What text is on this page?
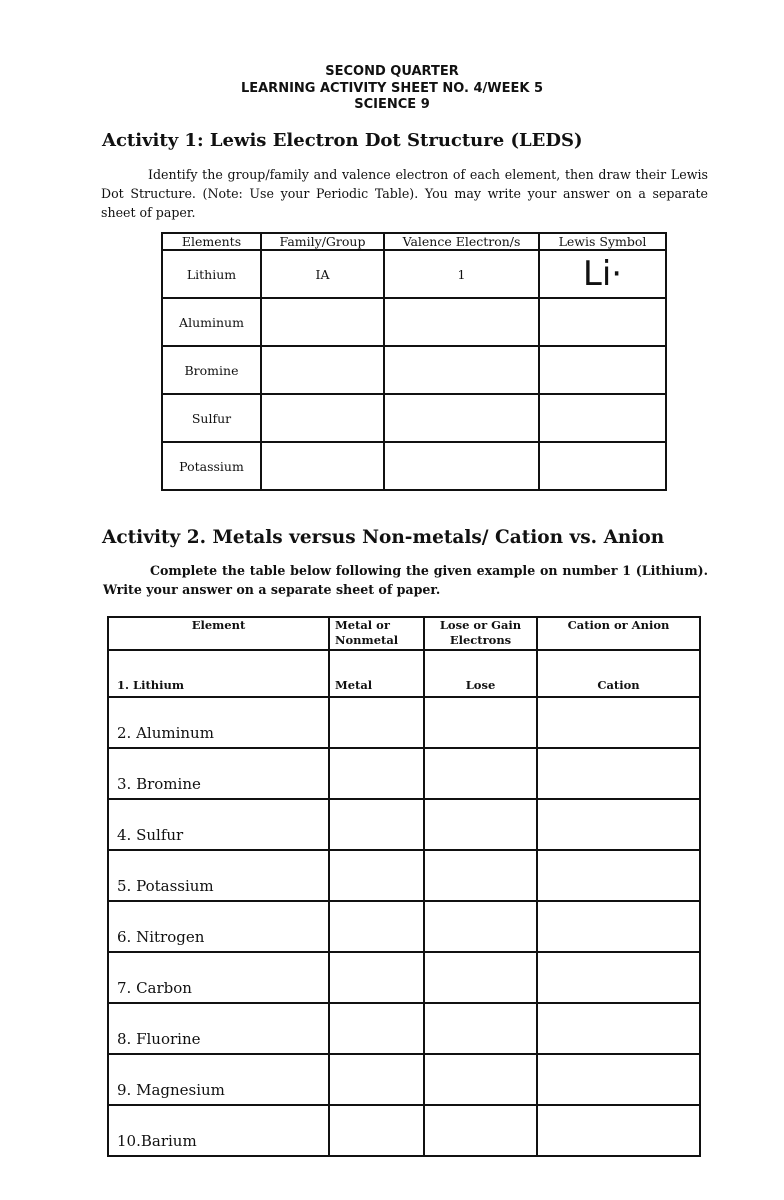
SECOND QUARTER
LEARNING ACTIVITY SHEET NO. 4/WEEK 5
SCIENCE 9
Activity 1: Lewis Electron Dot Structure (LEDS)
Identify the group/family and valence electron of each element, then draw their Lewis Dot Structure. (Note: Use your Periodic Table). You may write your answer on a separate sheet of paper.
Elements	Family/Group	Valence Electron/s	Lewis Symbol
Lithium	IA	1	Li·
Aluminum			
Bromine			
Sulfur			
Potassium			
Activity 2. Metals versus Non-metals/ Cation vs. Anion
Complete the table below following the given example on number 1 (Lithium). Write your answer on a separate sheet of paper.
Element	Metal or Nonmetal	Lose or Gain Electrons	Cation or Anion
1. Lithium	Metal	Lose	Cation
2. Aluminum			
3. Bromine			
4. Sulfur			
5. Potassium			
6. Nitrogen			
7. Carbon			
8. Fluorine			
9. Magnesium			
10.Barium			
